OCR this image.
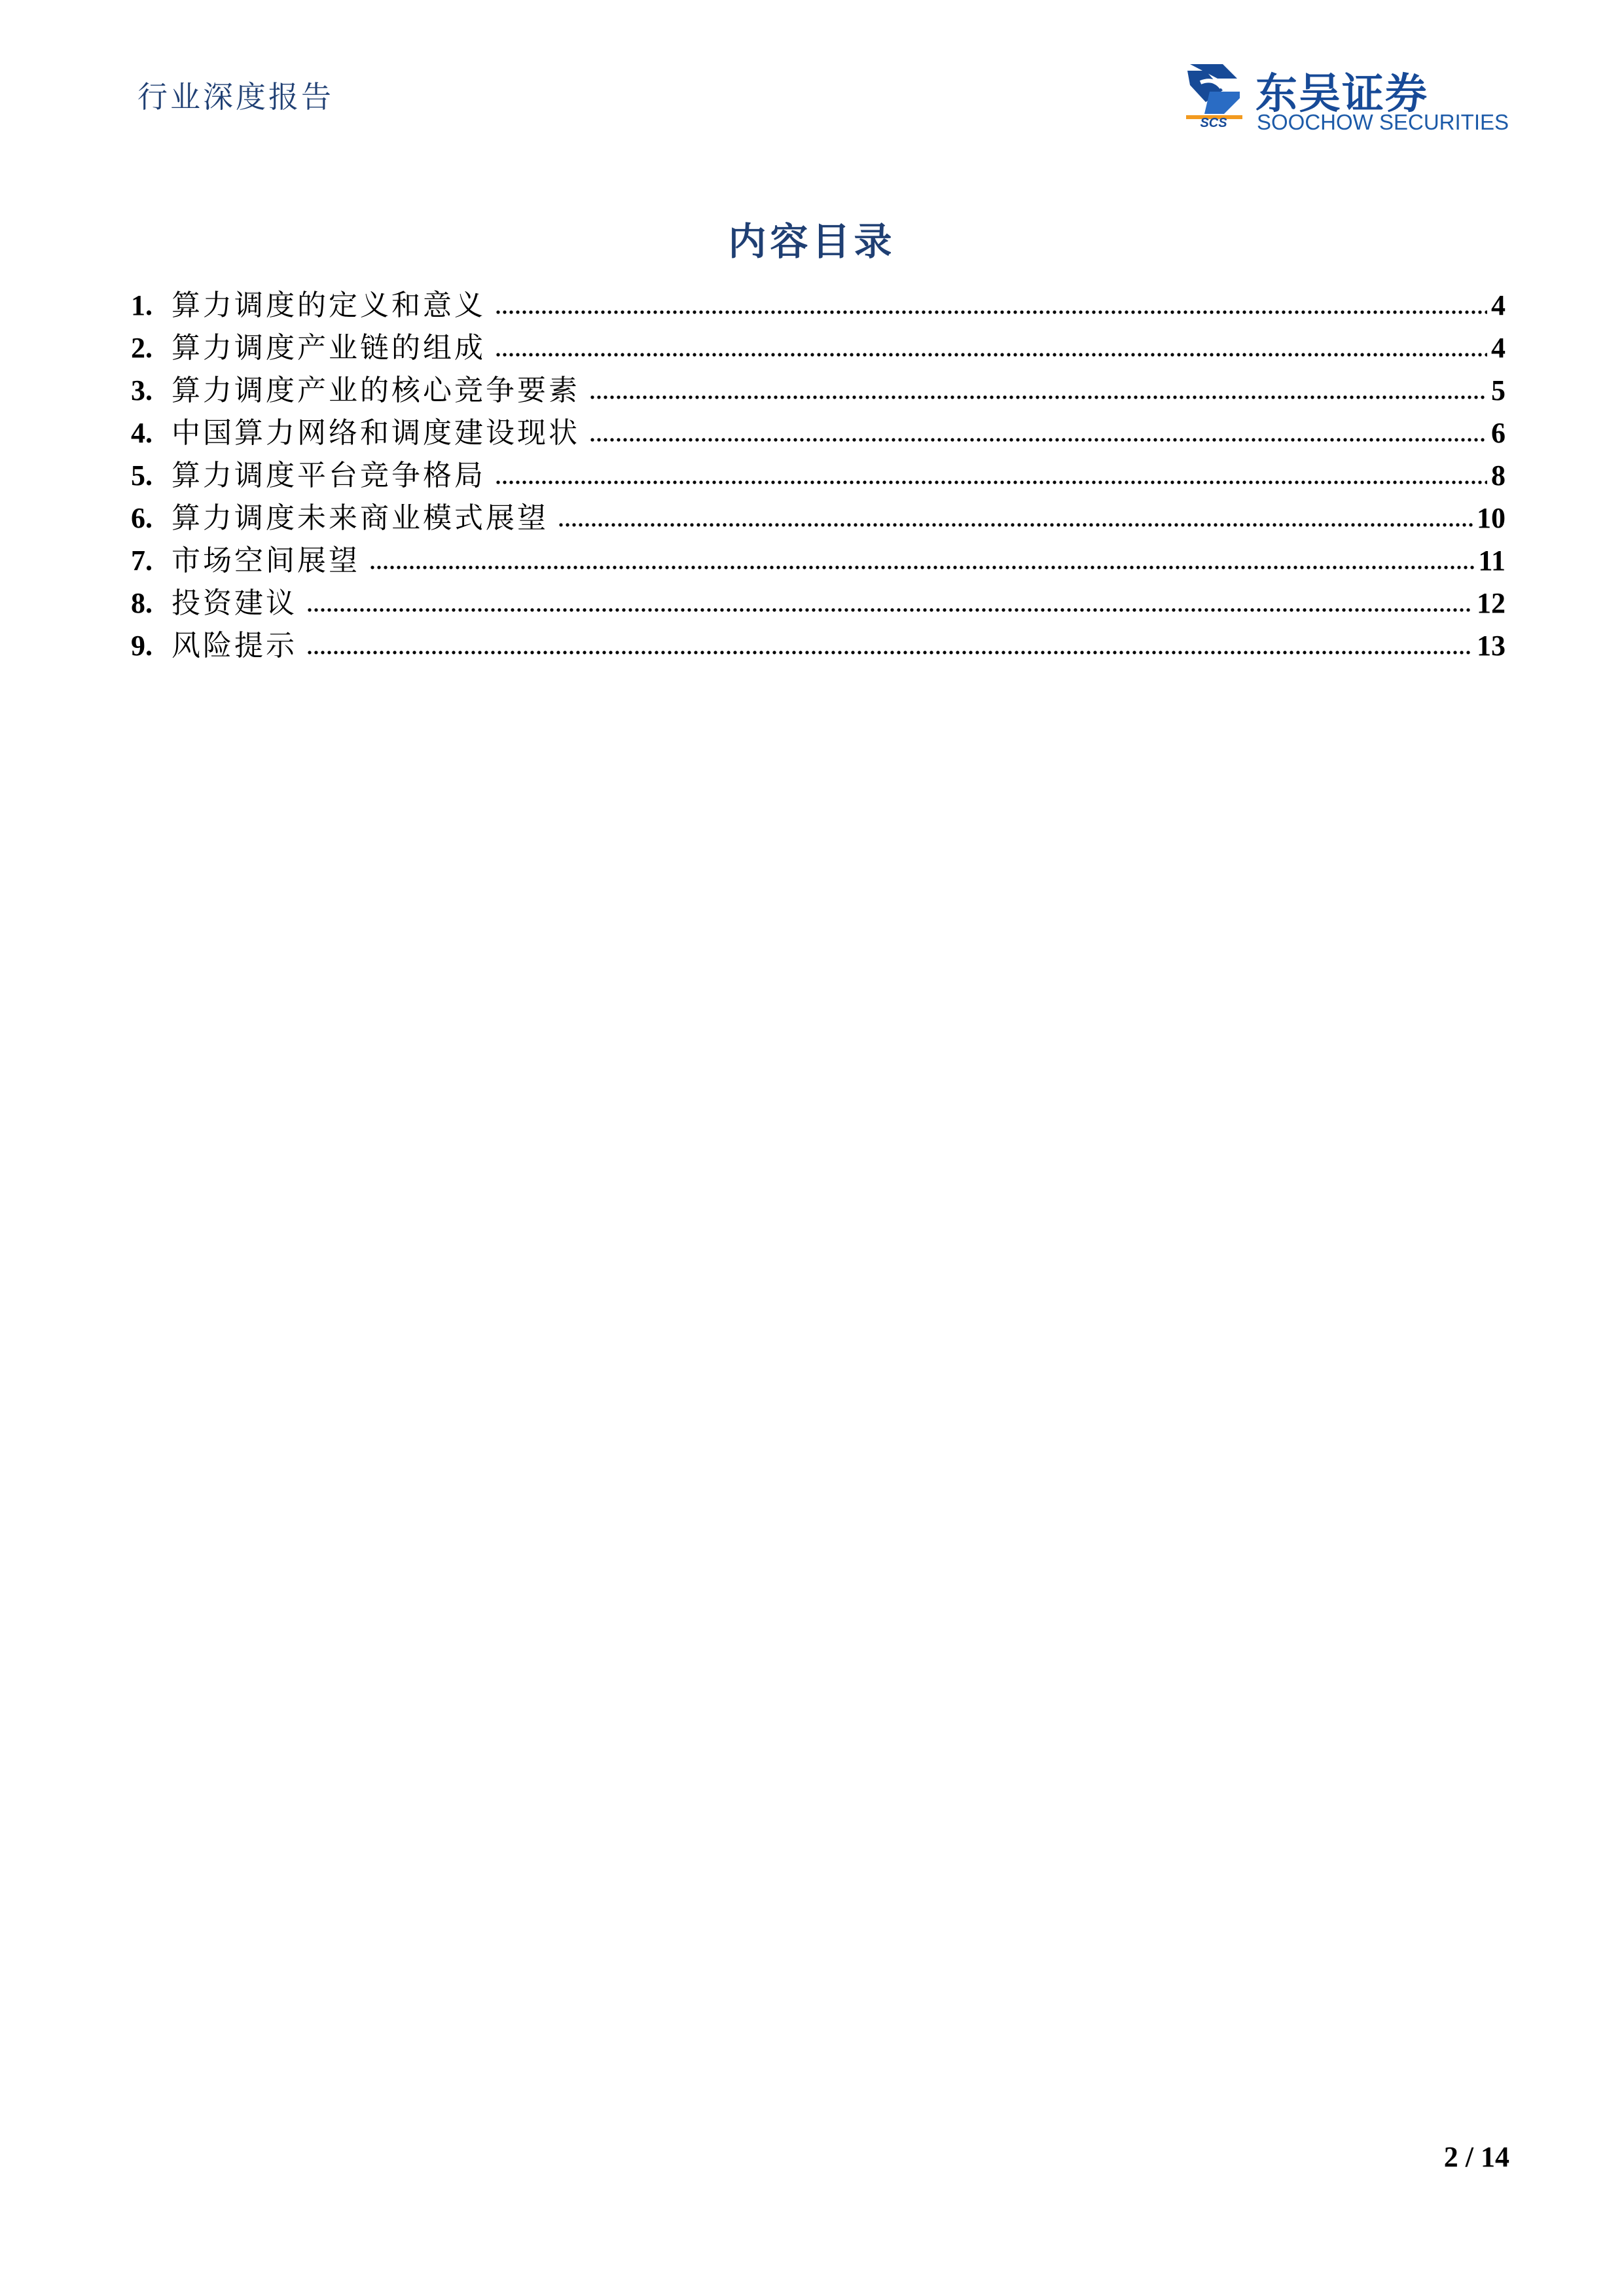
行业深度报告
SCS
东吴证券
SOOCHOW SECURITIES
内容目录
1. 算力调度的定义和意义	4
2. 算力调度产业链的组成	4
3. 算力调度产业的核心竞争要素	5
4. 中国算力网络和调度建设现状	6
5. 算力调度平台竞争格局	8
6. 算力调度未来商业模式展望	10
7. 市场空间展望	11
8. 投资建议	12
9. 风险提示	13
2 / 14
